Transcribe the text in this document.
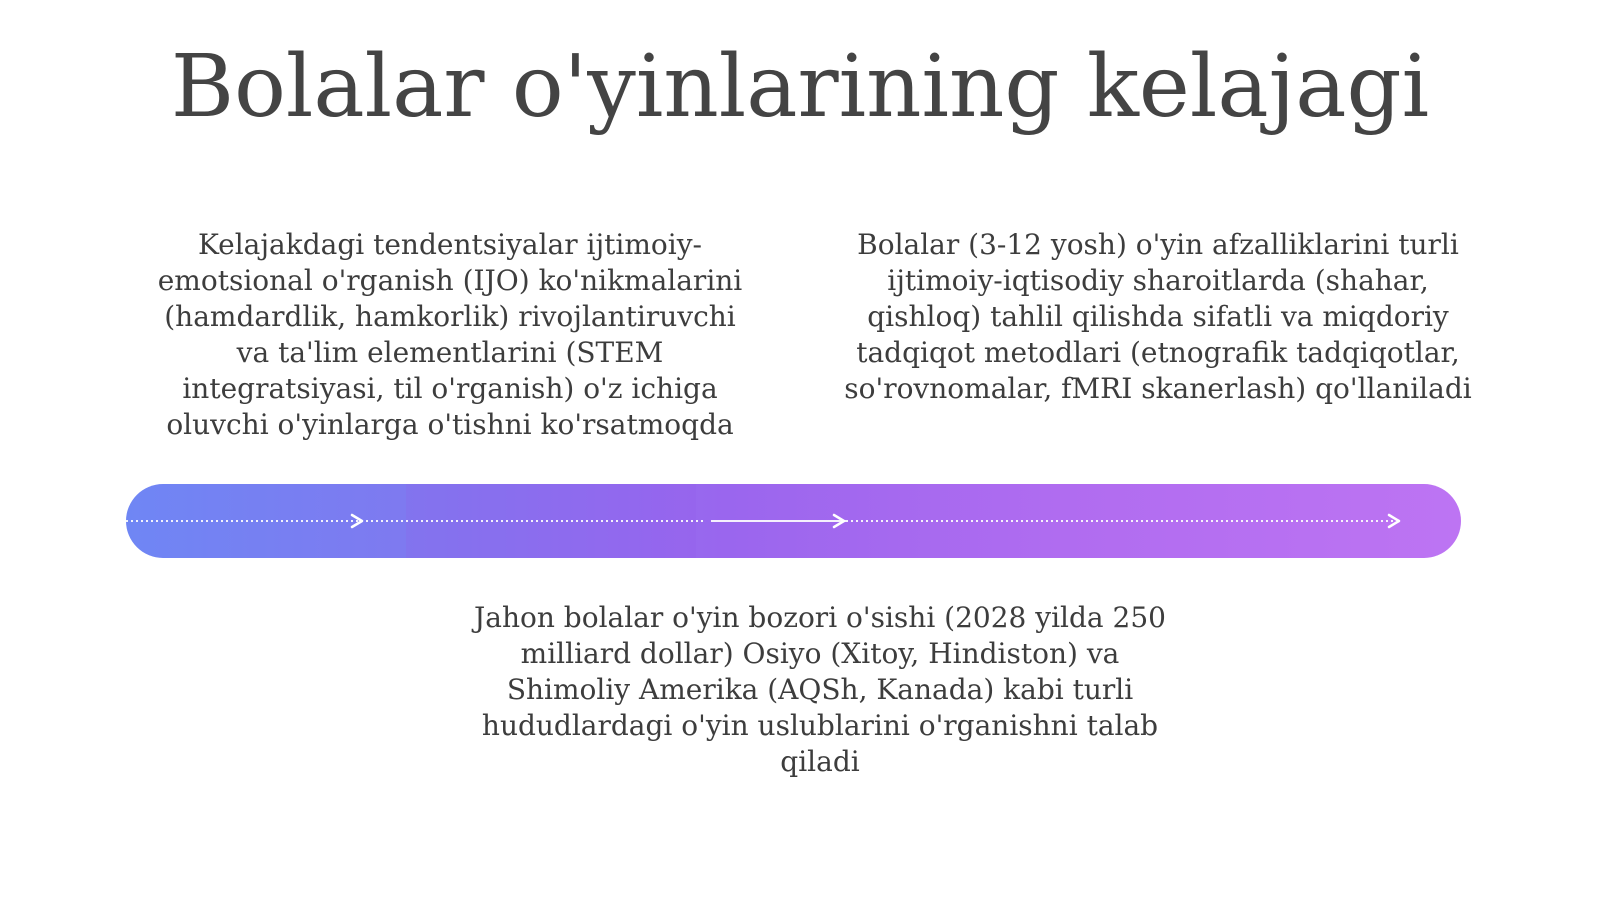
Bolalar o'yinlarining kelajagi
Kelajakdagi tendentsiyalar ijtimoiy-emotsional o'rganish (IJO) ko'nikmalarini (hamdardlik, hamkorlik) rivojlantiruvchi va ta'lim elementlarini (STEM integratsiyasi, til o'rganish) o'z ichiga oluvchi o'yinlarga o'tishni ko'rsatmoqda
Bolalar (3-12 yosh) o'yin afzalliklarini turli ijtimoiy-iqtisodiy sharoitlarda (shahar, qishloq) tahlil qilishda sifatli va miqdoriy tadqiqot metodlari (etnografik tadqiqotlar, so'rovnomalar, fMRI skanerlash) qo'llaniladi
Jahon bolalar o'yin bozori o'sishi (2028 yilda 250 milliard dollar) Osiyo (Xitoy, Hindiston) va Shimoliy Amerika (AQSh, Kanada) kabi turli hududlardagi o'yin uslublarini o'rganishni talab qiladi
